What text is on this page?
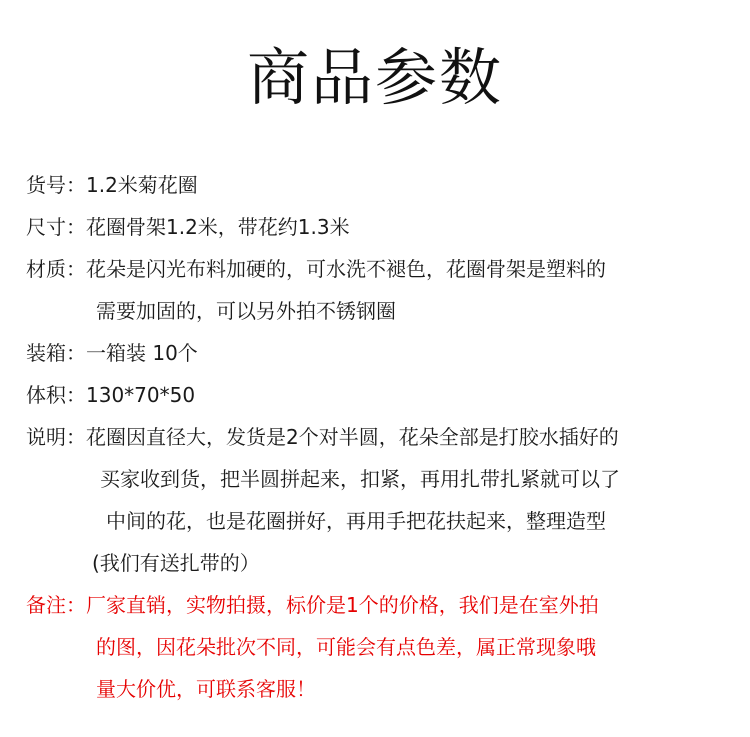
商品参数
货号：1.2米菊花圈
尺寸：花圈骨架1.2米，带花约1.3米
材质：花朵是闪光布料加硬的，可水洗不褪色，花圈骨架是塑料的
需要加固的，可以另外拍不锈钢圈
装箱：一箱装 10个
体积：130*70*50
说明：花圈因直径大，发货是2个对半圆，花朵全部是打胶水插好的
买家收到货，把半圆拼起来，扣紧，再用扎带扎紧就可以了
中间的花，也是花圈拼好，再用手把花扶起来，整理造型
(我们有送扎带的）
备注：厂家直销，实物拍摄，标价是1个的价格，我们是在室外拍
的图，因花朵批次不同，可能会有点色差，属正常现象哦
量大价优，可联系客服！
